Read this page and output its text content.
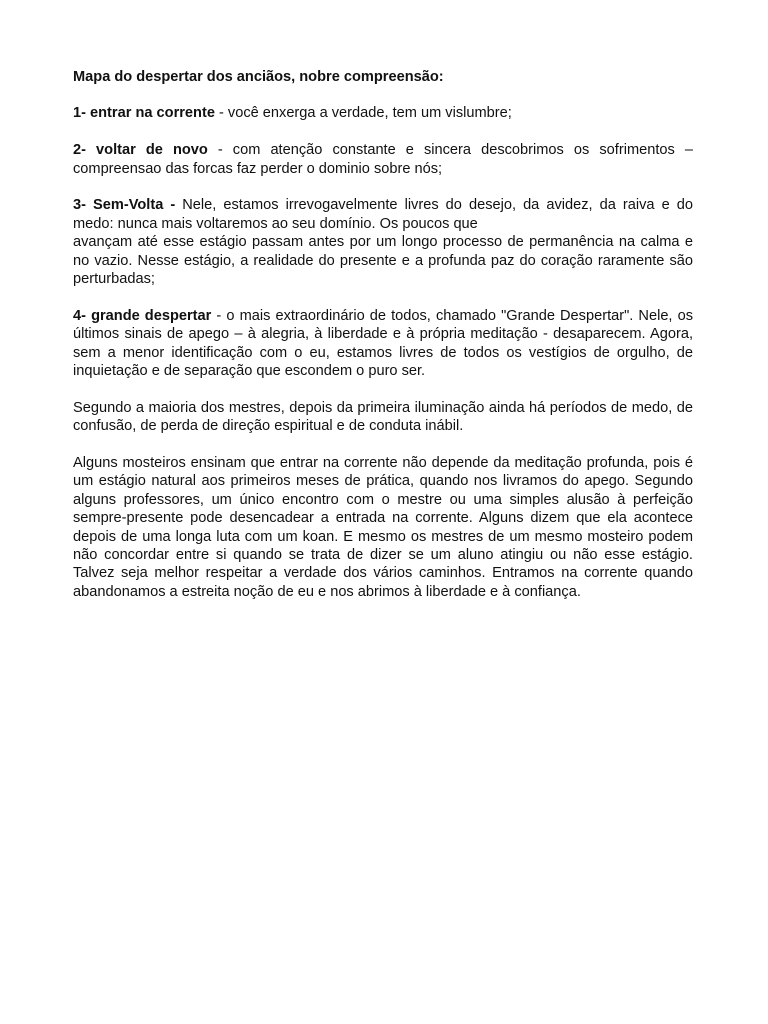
Mapa do despertar dos anciãos, nobre compreensão:

1- entrar na corrente - você enxerga a verdade, tem um vislumbre;

2- voltar de novo - com atenção constante e sincera descobrimos os sofrimentos – compreensao das forcas faz perder o dominio sobre nós;

3- Sem-Volta - Nele, estamos irrevogavelmente livres do desejo, da avidez, da raiva e do medo: nunca mais voltaremos ao seu domínio. Os poucos que
avançam até esse estágio passam antes por um longo processo de permanência na calma e no vazio. Nesse estágio, a realidade do presente e a profunda paz do coração raramente são perturbadas;

4- grande despertar - o mais extraordinário de todos, chamado "Grande Despertar". Nele, os últimos sinais de apego – à alegria, à liberdade e à própria meditação - desaparecem. Agora, sem a menor identificação com o eu, estamos livres de todos os vestígios de orgulho, de inquietação e de separação que escondem o puro ser.

Segundo a maioria dos mestres, depois da primeira iluminação ainda há períodos de medo, de confusão, de perda de direção espiritual e de conduta inábil.

Alguns mosteiros ensinam que entrar na corrente não depende da meditação profunda, pois é um estágio natural aos primeiros meses de prática, quando nos livramos do apego. Segundo alguns professores, um único encontro com o mestre ou uma simples alusão à perfeição sempre-presente pode desencadear a entrada na corrente. Alguns dizem que ela acontece depois de uma longa luta com um koan. E mesmo os mestres de um mesmo mosteiro podem não concordar entre si quando se trata de dizer se um aluno atingiu ou não esse estágio. Talvez seja melhor respeitar a verdade dos vários caminhos. Entramos na corrente quando abandonamos a estreita noção de eu e nos abrimos à liberdade e à confiança.
